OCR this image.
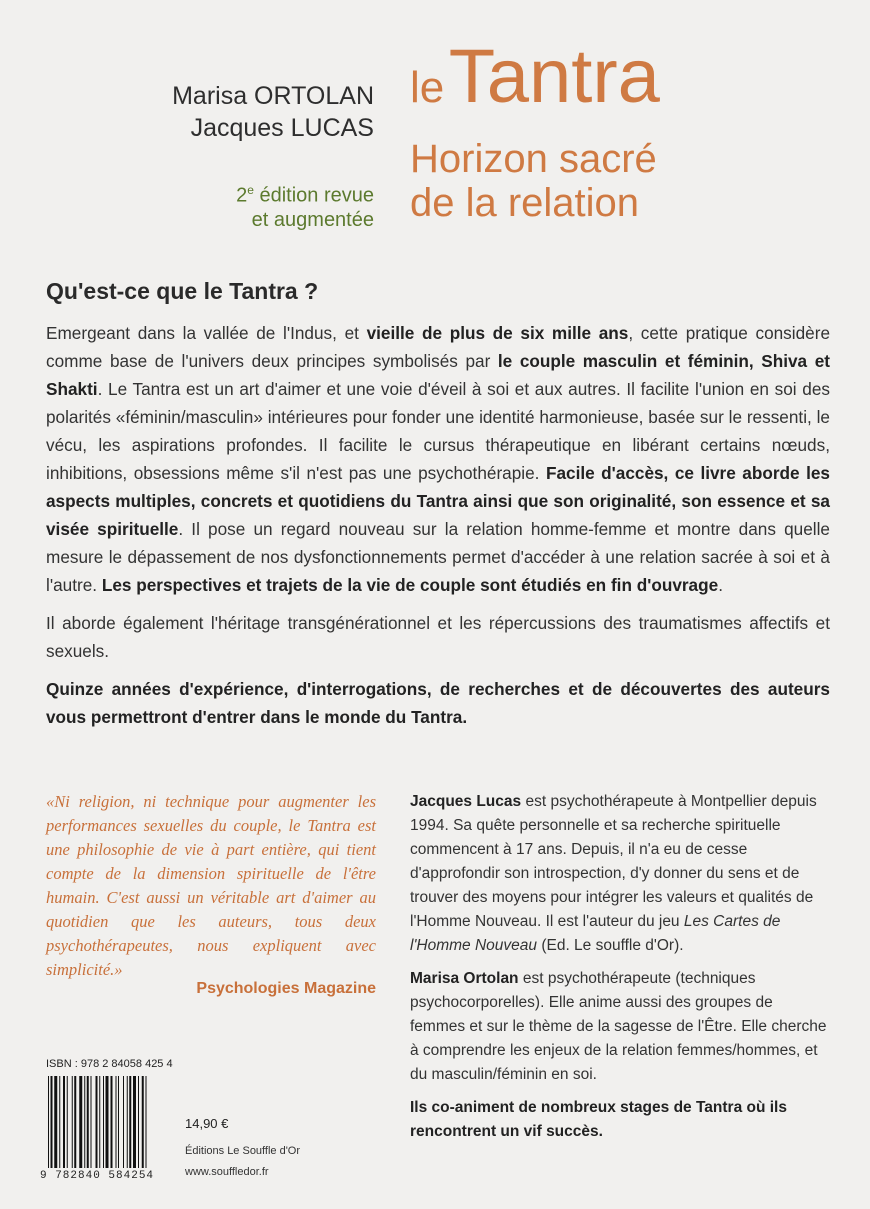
Marisa ORTOLAN
Jacques LUCAS
2e édition revue
et augmentée
le Tantra
Horizon sacré
de la relation
Qu'est-ce que le Tantra ?

Emergeant dans la vallée de l'Indus, et vieille de plus de six mille ans, cette pratique considère comme base de l'univers deux principes symbolisés par le couple masculin et féminin, Shiva et Shakti. Le Tantra est un art d'aimer et une voie d'éveil à soi et aux autres. Il facilite l'union en soi des polarités «féminin/masculin» intérieures pour fonder une identité harmonieuse, basée sur le ressenti, le vécu, les aspirations profondes. Il facilite le cursus thérapeutique en libérant certains nœuds, inhibitions, obsessions même s'il n'est pas une psychothérapie. Facile d'accès, ce livre aborde les aspects multiples, concrets et quotidiens du Tantra ainsi que son originalité, son essence et sa visée spirituelle. Il pose un regard nouveau sur la relation homme-femme et montre dans quelle mesure le dépassement de nos dysfonctionnements permet d'accéder à une relation sacrée à soi et à l'autre. Les perspectives et trajets de la vie de couple sont étudiés en fin d'ouvrage.

Il aborde également l'héritage transgénérationnel et les répercussions des traumatismes affectifs et sexuels.

Quinze années d'expérience, d'interrogations, de recherches et de découvertes des auteurs vous permettront d'entrer dans le monde du Tantra.

«Ni religion, ni technique pour augmenter les performances sexuelles du couple, le Tantra est une philosophie de vie à part entière, qui tient compte de la dimension spirituelle de l'être humain. C'est aussi un véritable art d'aimer au quotidien que les auteurs, tous deux psychothérapeutes, nous expliquent avec simplicité.»
Psychologies Magazine

Jacques Lucas est psychothérapeute à Montpellier depuis 1994. Sa quête personnelle et sa recherche spirituelle commencent à 17 ans. Depuis, il n'a eu de cesse d'approfondir son introspection, d'y donner du sens et de trouver des moyens pour intégrer les valeurs et qualités de l'Homme Nouveau. Il est l'auteur du jeu Les Cartes de l'Homme Nouveau (Ed. Le souffle d'Or).

Marisa Ortolan est psychothérapeute (techniques psychocorporelles). Elle anime aussi des groupes de femmes et sur le thème de la sagesse de l'Être. Elle cherche à comprendre les enjeux de la relation femmes/hommes, et du masculin/féminin en soi.

Ils co-animent de nombreux stages de Tantra où ils rencontrent un vif succès.

ISBN : 978 2 84058 425 4
9 782840 584254
14,90 €
Éditions Le Souffle d'Or
www.souffledor.fr
